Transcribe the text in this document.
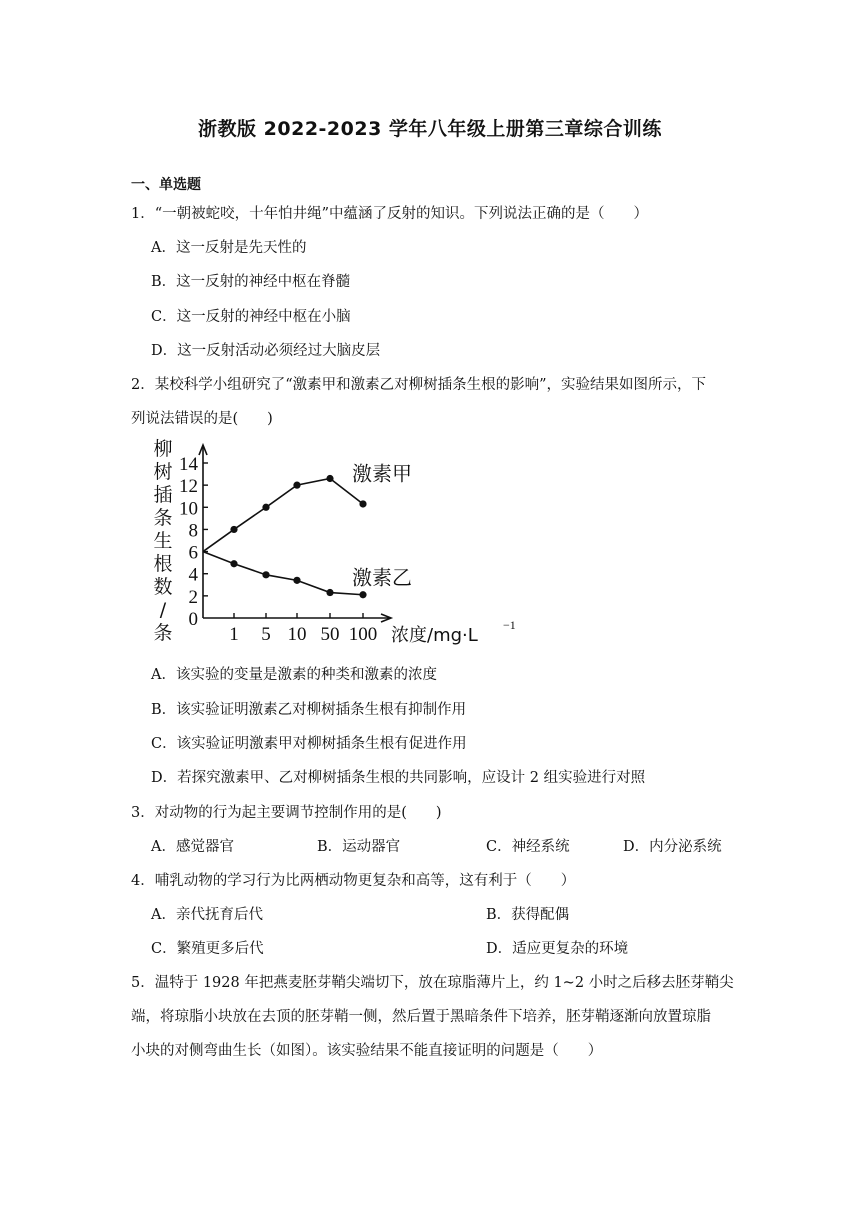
浙教版 2022-2023 学年八年级上册第三章综合训练
一、单选题
1．“一朝被蛇咬，十年怕井绳”中蕴涵了反射的知识。下列说法正确的是（　　）
A．这一反射是先天性的
B．这一反射的神经中枢在脊髓
C．这一反射的神经中枢在小脑
D．这一反射活动必须经过大脑皮层
2．某校科学小组研究了“激素甲和激素乙对柳树插条生根的影响”，实验结果如图所示，下
列说法错误的是(　　)
柳树插条生根数/条
0
2
4
6
8
10
12
14
1 5 10 50 100 浓度/mg·L −1
激素甲
激素乙
A．该实验的变量是激素的种类和激素的浓度
B．该实验证明激素乙对柳树插条生根有抑制作用
C．该实验证明激素甲对柳树插条生根有促进作用
D．若探究激素甲、乙对柳树插条生根的共同影响，应设计 2 组实验进行对照
3．对动物的行为起主要调节控制作用的是(　　)
A．感觉器官	B．运动器官	C．神经系统	D．内分泌系统
4．哺乳动物的学习行为比两栖动物更复杂和高等，这有利于（　　）
A．亲代抚育后代	B．获得配偶
C．繁殖更多后代	D．适应更复杂的环境
5．温特于 1928 年把燕麦胚芽鞘尖端切下，放在琼脂薄片上，约 1~2 小时之后移去胚芽鞘尖
端，将琼脂小块放在去顶的胚芽鞘一侧，然后置于黑暗条件下培养，胚芽鞘逐渐向放置琼脂
小块的对侧弯曲生长（如图）。该实验结果不能直接证明的问题是（　　）
